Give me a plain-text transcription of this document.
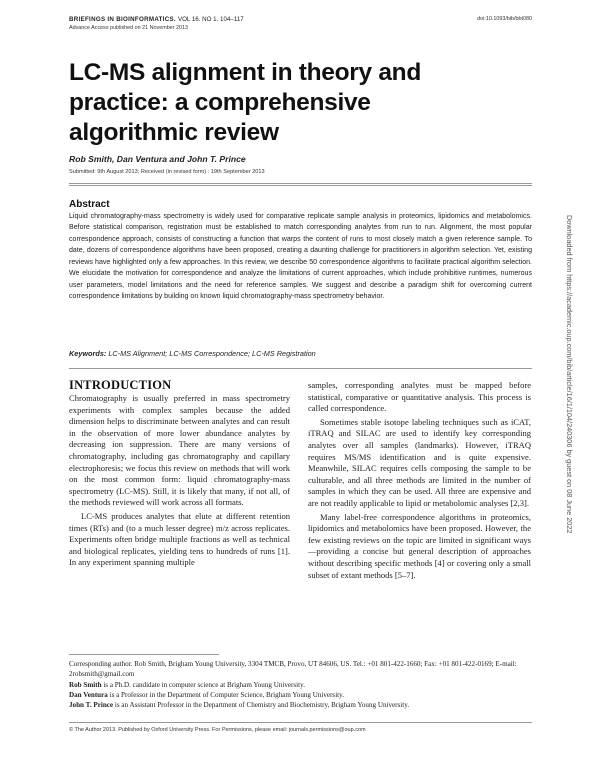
BRIEFINGS IN BIOINFORMATICS. VOL 16. NO 1. 104–117
Advance Access published on 21 November 2013
doi:10.1093/bib/bbt080
LC-MS alignment in theory and practice: a comprehensive algorithmic review
Rob Smith, Dan Ventura and John T. Prince
Submitted: 9th August 2013; Received (in revised form) : 19th September 2013
Abstract
Liquid chromatography-mass spectrometry is widely used for comparative replicate sample analysis in proteomics, lipidomics and metabolomics. Before statistical comparison, registration must be established to match corresponding analytes from run to run. Alignment, the most popular correspondence approach, consists of constructing a function that warps the content of runs to most closely match a given reference sample. To date, dozens of correspondence algorithms have been proposed, creating a daunting challenge for practitioners in algorithm selection. Yet, existing reviews have highlighted only a few approaches. In this review, we describe 50 correspondence algorithms to facilitate practical algorithm selection. We elucidate the motivation for correspondence and analyze the limitations of current approaches, which include prohibitive runtimes, numerous user parameters, model limitations and the need for reference samples. We suggest and describe a paradigm shift for overcoming current correspondence limitations by building on known liquid chromatography-mass spectrometry behavior.
Keywords: LC-MS Alignment; LC-MS Correspondence; LC-MS Registration
INTRODUCTION

Chromatography is usually preferred in mass spectrometry experiments with complex samples because the added dimension helps to discriminate between analytes and can result in the observation of more lower abundance analytes by decreasing ion suppression. There are many versions of chromatography, including gas chromatography and capillary electrophoresis; we focus this review on methods that will work on the most common form: liquid chromatography-mass spectrometry (LC-MS). Still, it is likely that many, if not all, of the methods reviewed will work across all formats.

LC-MS produces analytes that elute at different retention times (RTs) and (to a much lesser degree) m/z across replicates. Experiments often bridge multiple fractions as well as technical and biological replicates, yielding tens to hundreds of runs [1]. In any experiment spanning multiple

samples, corresponding analytes must be mapped before statistical, comparative or quantitative analysis. This process is called correspondence.

Sometimes stable isotope labeling techniques such as iCAT, iTRAQ and SILAC are used to identify key corresponding analytes over all samples (landmarks). However, iTRAQ requires MS/MS identification and is quite expensive. Meanwhile, SILAC requires cells composing the sample to be culturable, and all three methods are limited in the number of samples in which they can be used. All three are expensive and are not readily applicable to lipid or metabolomic analyses [2,3].

Many label-free correspondence algorithms in proteomics, lipidomics and metabolomics have been proposed. However, the few existing reviews on the topic are limited in significant ways—providing a concise but general description of approaches without describing specific methods [4] or covering only a small subset of extant methods [5–7].

Corresponding author. Rob Smith, Brigham Young University, 3304 TMCB, Provo, UT 84606, US. Tel.: +01 801-422-1660; Fax: +01 801-422-0169; E-mail: 2robsmith@gmail.com

Rob Smith is a Ph.D. candidate in computer science at Brigham Young University.

Dan Ventura is a Professor in the Department of Computer Science, Brigham Young University.

John T. Prince is an Assistant Professor in the Department of Chemistry and Biochemistry, Brigham Young University.

© The Author 2013. Published by Oxford University Press. For Permissions, please email: journals.permissions@oup.com
Downloaded from https://academic.oup.com/bib/article/16/1/104/240306 by guest on 08 June 2022
